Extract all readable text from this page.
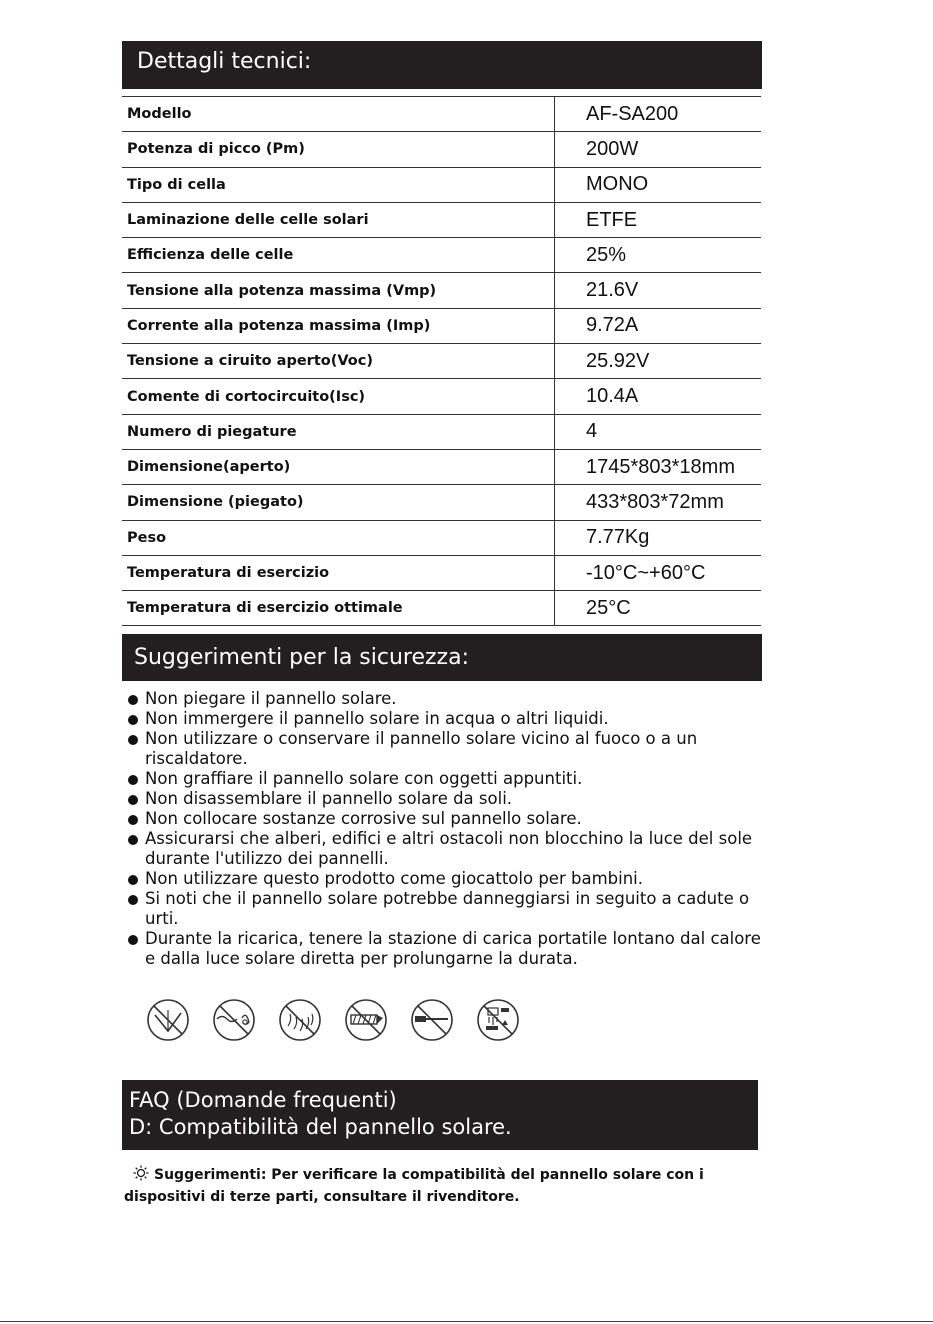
Dettagli tecnici:
Modello	AF-SA200
Potenza di picco (Pm)	200W
Tipo di cella	MONO
Laminazione delle celle solari	ETFE
Efficienza delle celle	25%
Tensione alla potenza massima (Vmp)	21.6V
Corrente alla potenza massima (Imp)	9.72A
Tensione a ciruito aperto(Voc)	25.92V
Comente di cortocircuito(Isc)	10.4A
Numero di piegature	4
Dimensione(aperto)	1745*803*18mm
Dimensione (piegato)	433*803*72mm
Peso	7.77Kg
Temperatura di esercizio	-10°C~+60°C
Temperatura di esercizio ottimale	25°C
Suggerimenti per la sicurezza:
Non piegare il pannello solare.
Non immergere il pannello solare in acqua o altri liquidi.
Non utilizzare o conservare il pannello solare vicino al fuoco o a un riscaldatore.
Non graffiare il pannello solare con oggetti appuntiti.
Non disassemblare il pannello solare da soli.
Non collocare sostanze corrosive sul pannello solare.
Assicurarsi che alberi, edifici e altri ostacoli non blocchino la luce del sole durante l'utilizzo dei pannelli.
Non utilizzare questo prodotto come giocattolo per bambini.
Si noti che il pannello solare potrebbe danneggiarsi in seguito a cadute o urti.
Durante la ricarica, tenere la stazione di carica portatile lontano dal calore e dalla luce solare diretta per prolungarne la durata.
FAQ (Domande frequenti)
D: Compatibilità del pannello solare.
Suggerimenti: Per verificare la compatibilità del pannello solare con i dispositivi di terze parti, consultare il rivenditore.
